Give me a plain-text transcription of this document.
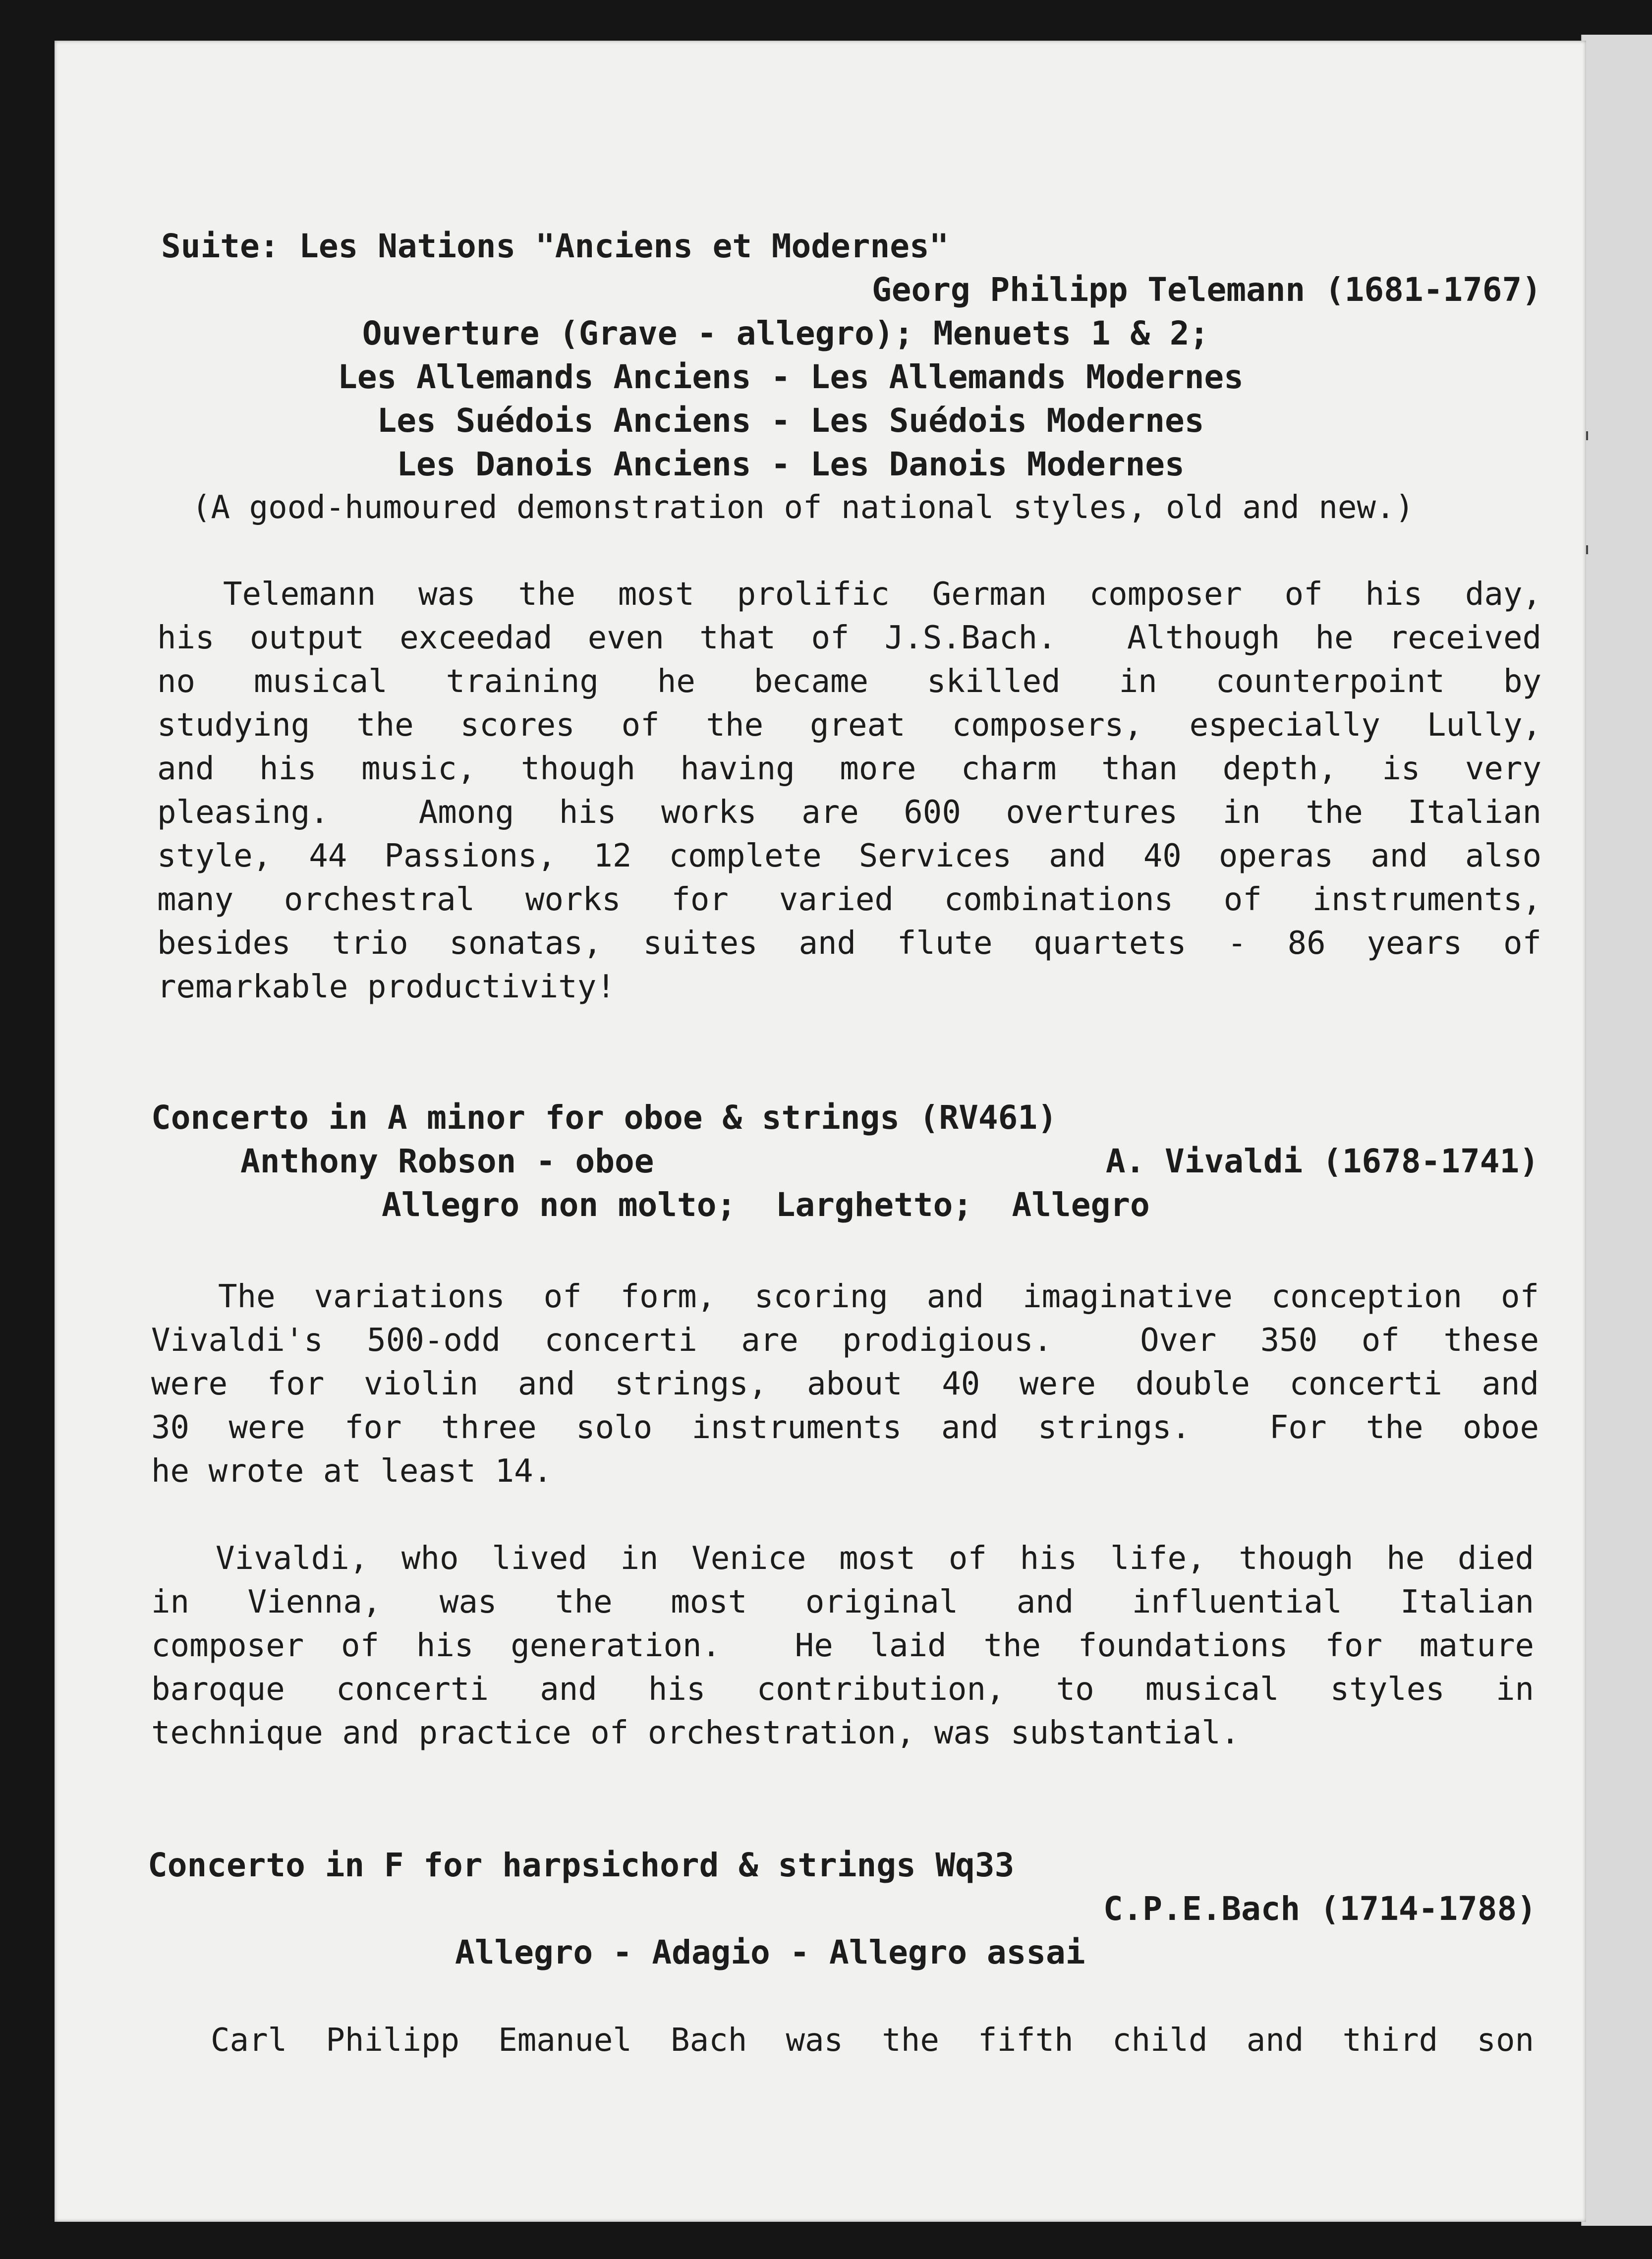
Suite: Les Nations "Anciens et Modernes"
Georg Philipp Telemann (1681-1767)
Ouverture (Grave - allegro); Menuets 1 & 2;
Les Allemands Anciens - Les Allemands Modernes
Les Suédois Anciens - Les Suédois Modernes
Les Danois Anciens - Les Danois Modernes
(A good-humoured demonstration of national styles, old and new.)
Telemann was the most prolific German composer of his day,
his output exceedad even that of J.S.Bach.  Although he received
no musical training he became skilled in counterpoint by
studying the scores of the great composers, especially Lully,
and his music, though having more charm than depth, is very
pleasing.  Among his works are 600 overtures in the Italian
style, 44 Passions, 12 complete Services and 40 operas and also
many orchestral works for varied combinations of instruments,
besides trio sonatas, suites and flute quartets - 86 years of
remarkable productivity!
Concerto in A minor for oboe & strings (RV461)
Anthony Robson - oboe	A. Vivaldi (1678-1741)
Allegro non molto;  Larghetto;  Allegro
The variations of form, scoring and imaginative conception of
Vivaldi's 500-odd concerti are prodigious.  Over 350 of these
were for violin and strings, about 40 were double concerti and
30 were for three solo instruments and strings.  For the oboe
he wrote at least 14.
Vivaldi, who lived in Venice most of his life, though he died
in Vienna, was the most original and influential Italian
composer of his generation.  He laid the foundations for mature
baroque concerti and his contribution, to musical styles in
technique and practice of orchestration, was substantial.
Concerto in F for harpsichord & strings Wq33
C.P.E.Bach (1714-1788)
Allegro - Adagio - Allegro assai
Carl Philipp Emanuel Bach was the fifth child and third son
